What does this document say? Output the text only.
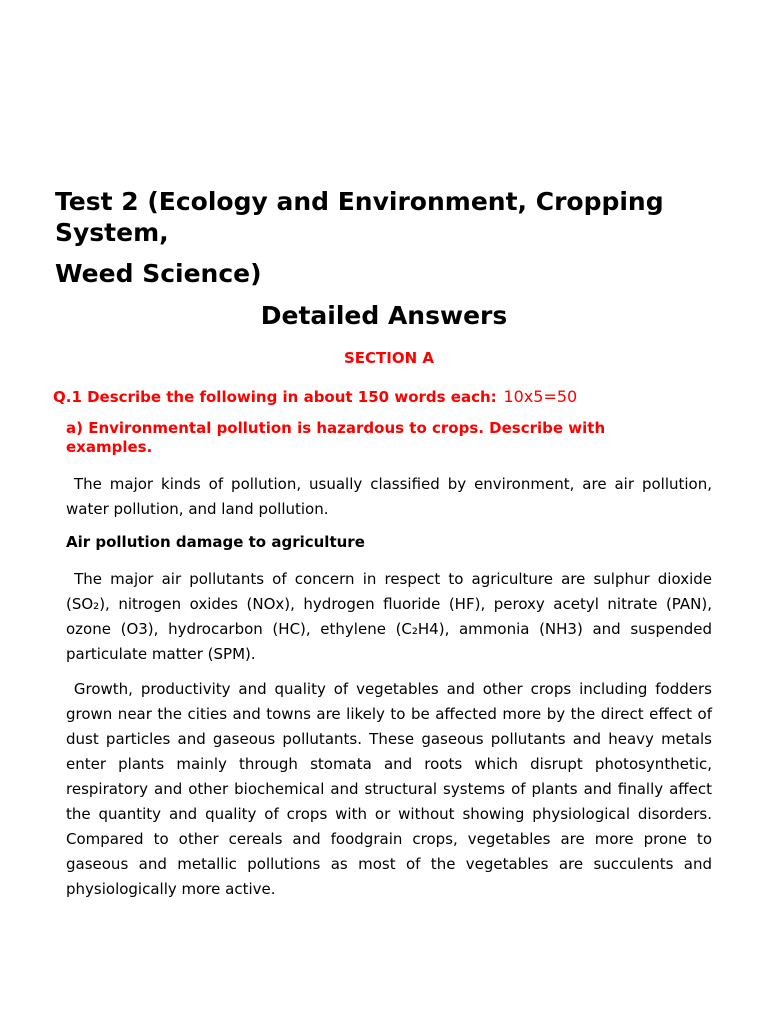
Test 2 (Ecology and Environment, Cropping System,
Weed Science)
Detailed Answers
SECTION A
Q.1 Describe the following in about 150 words each: 10x5=50
a) Environmental pollution is hazardous to crops. Describe with examples.
The major kinds of pollution, usually classified by environment, are air pollution, water pollution, and land pollution.
Air pollution damage to agriculture
The major air pollutants of concern in respect to agriculture are sulphur dioxide (SO₂), nitrogen oxides (NOx), hydrogen fluoride (HF), peroxy acetyl nitrate (PAN), ozone (O3), hydrocarbon (HC), ethylene (C₂H4), ammonia (NH3) and suspended particulate matter (SPM).
Growth, productivity and quality of vegetables and other crops including fodders grown near the cities and towns are likely to be affected more by the direct effect of dust particles and gaseous pollutants. These gaseous pollutants and heavy metals enter plants mainly through stomata and roots which disrupt photosynthetic, respiratory and other biochemical and structural systems of plants and finally affect the quantity and quality of crops with or without showing physiological disorders. Compared to other cereals and foodgrain crops, vegetables are more prone to gaseous and metallic pollutions as most of the vegetables are succulents and physiologically more active.
